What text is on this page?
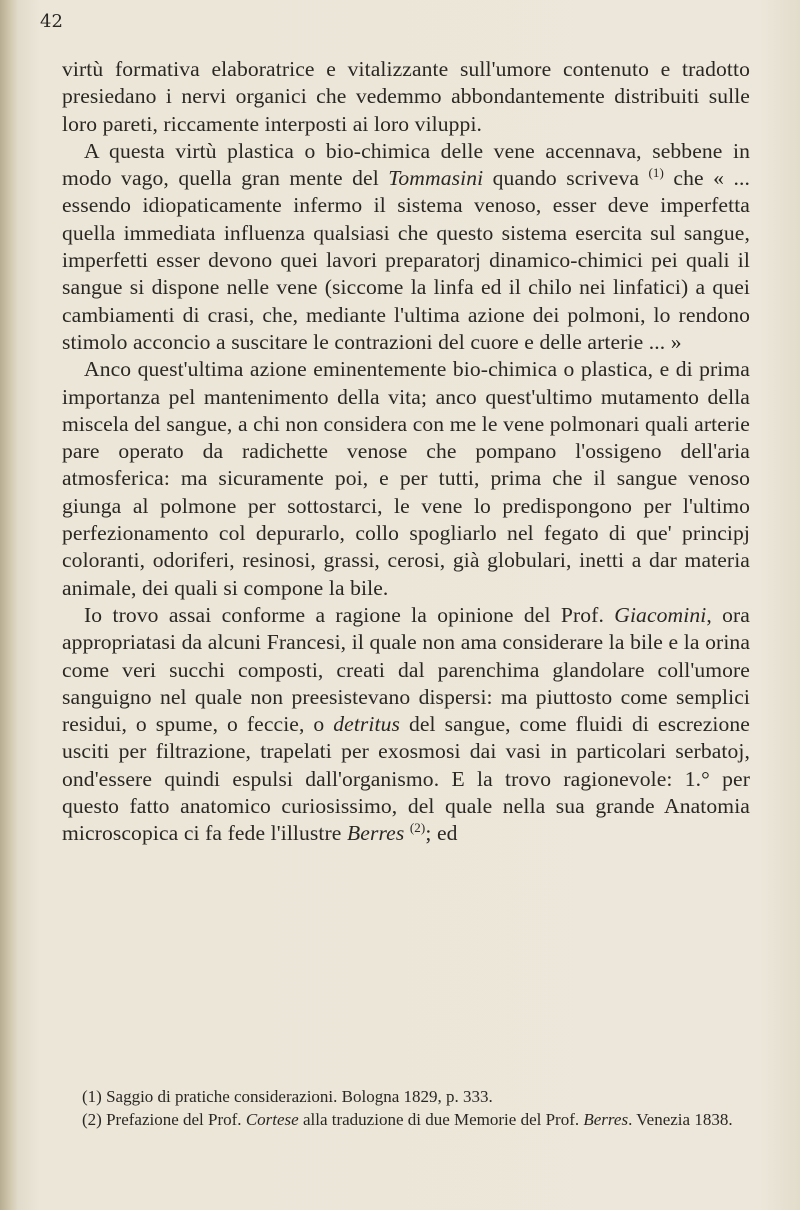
42

virtù formativa elaboratrice e vitalizzante sull'umore contenuto e tradotto presiedano i nervi organici che vedemmo abbondantemente distribuiti sulle loro pareti, riccamente interposti ai loro viluppi.

A questa virtù plastica o bio-chimica delle vene accennava, sebbene in modo vago, quella gran mente del Tommasini quando scriveva $^{(1)}$ che « ... essendo idiopaticamente infermo il sistema venoso, esser deve imperfetta quella immediata influenza qualsiasi che questo sistema esercita sul sangue, imperfetti esser devono quei lavori preparatorj dinamico-chimici pei quali il sangue si dispone nelle vene (siccome la linfa ed il chilo nei linfatici) a quei cambiamenti di crasi, che, mediante l'ultima azione dei polmoni, lo rendono stimolo acconcio a suscitare le contrazioni del cuore e delle arterie ... »

Anco quest'ultima azione eminentemente bio-chimica o plastica, e di prima importanza pel mantenimento della vita; anco quest'ultimo mutamento della miscela del sangue, a chi non considera con me le vene polmonari quali arterie pare operato da radichette venose che pompano l'ossigeno dell'aria atmosferica: ma sicuramente poi, e per tutti, prima che il sangue venoso giunga al polmone per sottostarci, le vene lo predispongono per l'ultimo perfezionamento col depurarlo, collo spogliarlo nel fegato di que' principj coloranti, odoriferi, resinosi, grassi, cerosi, già globulari, inetti a dar materia animale, dei quali si compone la bile.

Io trovo assai conforme a ragione la opinione del Prof. Giacomini, ora appropriatasi da alcuni Francesi, il quale non ama considerare la bile e la orina come veri succhi composti, creati dal parenchima glandolare coll'umore sanguigno nel quale non preesistevano dispersi: ma piuttosto come semplici residui, o spume, o feccie, o detritus del sangue, come fluidi di escrezione usciti per filtrazione, trapelati per exosmosi dai vasi in particolari serbatoj, ond'essere quindi espulsi dall'organismo. E la trovo ragionevole: 1.° per questo fatto anatomico curiosissimo, del quale nella sua grande Anatomia microscopica ci fa fede l'illustre Berres $^{(2)}$; ed

(1) Saggio di pratiche considerazioni. Bologna 1829, p. 333.

(2) Prefazione del Prof. Cortese alla traduzione di due Memorie del Prof. Berres. Venezia 1838.
